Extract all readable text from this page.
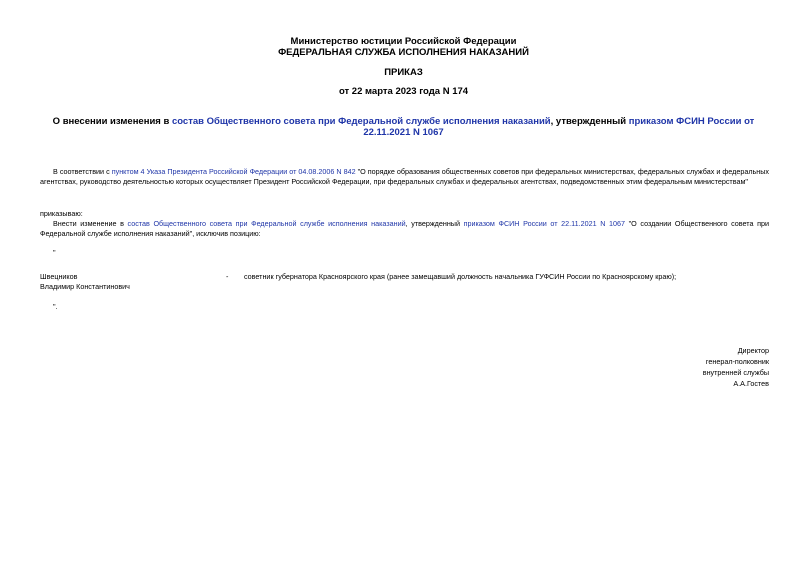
Министерство юстиции Российской Федерации
ФЕДЕРАЛЬНАЯ СЛУЖБА ИСПОЛНЕНИЯ НАКАЗАНИЙ
ПРИКАЗ
от 22 марта 2023 года N 174
О внесении изменения в состав Общественного совета при Федеральной службе исполнения наказаний, утвержденный приказом ФСИН России от 22.11.2021 N 1067
В соответствии с пунктом 4 Указа Президента Российской Федерации от 04.08.2006 N 842 "О порядке образования общественных советов при федеральных министерствах, федеральных службах и федеральных агентствах, руководство деятельностью которых осуществляет Президент Российской Федерации, при федеральных службах и федеральных агентствах, подведомственных этим федеральным министерствам"
приказываю:
Внести изменение в состав Общественного совета при Федеральной службе исполнения наказаний, утвержденный приказом ФСИН России от 22.11.2021 N 1067 "О создании Общественного совета при Федеральной службе исполнения наказаний", исключив позицию:
"
Швецников
Владимир Константинович
- советник губернатора Красноярского края (ранее замещавший должность начальника ГУФСИН России по Красноярскому краю);
".
Директор
генерал-полковник
внутренней службы
А.А.Гостев
